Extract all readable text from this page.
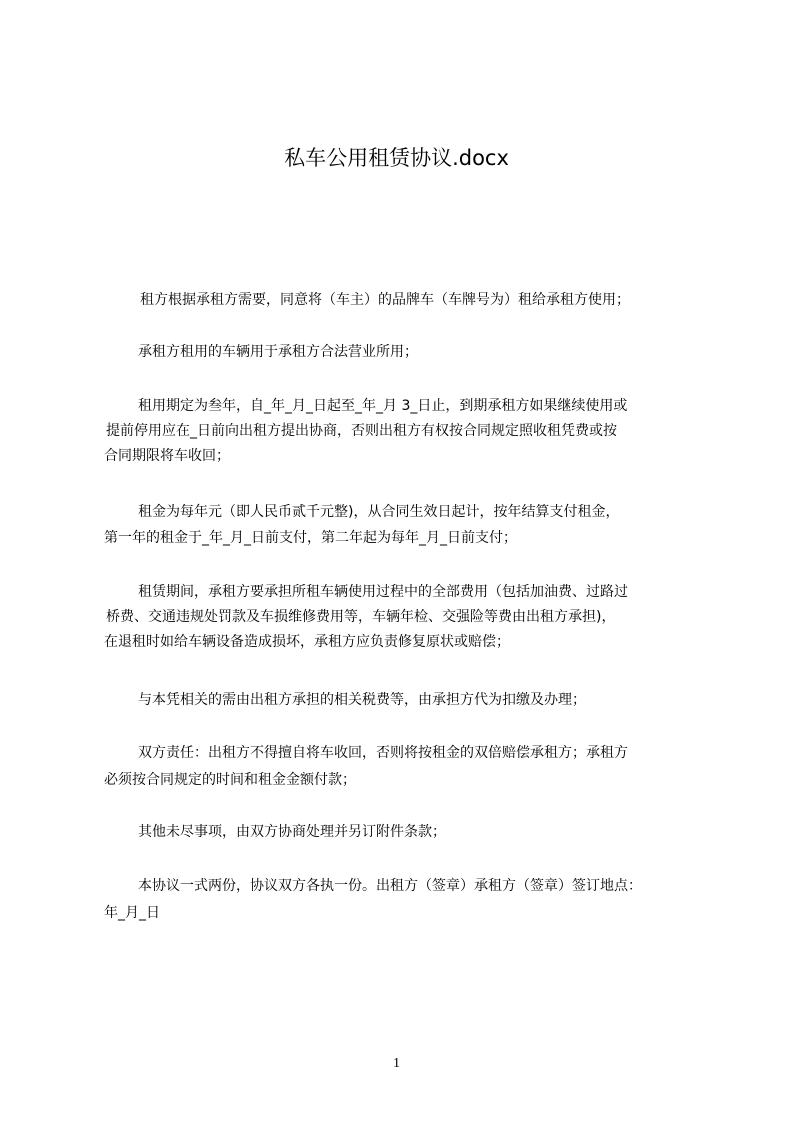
私车公用租赁协议.docx
租方根据承租方需要，同意将（车主）的品牌车（车牌号为）租给承租方使用；
承租方租用的车辆用于承租方合法营业所用；
租用期定为叁年，自_年_月_日起至_年_月 3_日止，到期承租方如果继续使用或
提前停用应在_日前向出租方提出协商，否则出租方有权按合同规定照收租凭费或按
合同期限将车收回；
租金为每年元（即人民币贰千元整)，从合同生效日起计，按年结算支付租金，
第一年的租金于_年_月_日前支付，第二年起为每年_月_日前支付；
租赁期间，承租方要承担所租车辆使用过程中的全部费用（包括加油费、过路过
桥费、交通违规处罚款及车损维修费用等，车辆年检、交强险等费由出租方承担)，
在退租时如给车辆设备造成损坏，承租方应负责修复原状或赔偿；
与本凭相关的需由出租方承担的相关税费等，由承担方代为扣缴及办理；
双方责任：出租方不得擅自将车收回，否则将按租金的双倍赔偿承租方；承租方
必须按合同规定的时间和租金金额付款；
其他未尽事项，由双方协商处理并另订附件条款；
本协议一式两份，协议双方各执一份。出租方（签章）承租方（签章）签订地点：
年_月_日
1
